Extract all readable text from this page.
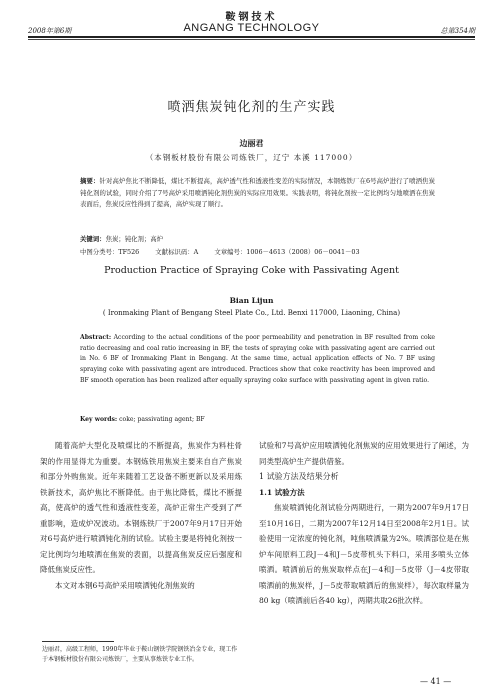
鞍钢技术
2008年第6期	ANGANG TECHNOLOGY	总第354期
喷洒焦炭钝化剂的生产实践
边丽君
（本钢板材股份有限公司炼铁厂，辽宁 本溪 117000）
摘要：针对高炉焦比不断降低，煤比不断提高，高炉透气性和透液性变差的实际情况，本钢炼铁厂在6号高炉进行了喷洒焦炭钝化剂的试验，同时介绍了7号高炉采用喷洒钝化剂焦炭的实际应用效果。实践表明，将钝化剂按一定比例均匀地喷洒在焦炭表面后，焦炭反应性得到了提高，高炉实现了顺行。
关键词：焦炭；钝化剂；高炉
中图分类号：TF526	文献标识码：A	文章编号：1006－4613（2008）06－0041－03
Production Practice of Spraying Coke with Passivating Agent
Bian Lijun
( Ironmaking Plant of Bengang Steel Plate Co., Ltd. Benxi 117000, Liaoning, China)
Abstract: According to the actual conditions of the poor permeability and penetration in BF resulted from coke ratio decreasing and coal ratio increasing in BF, the tests of spraying coke with passivating agent are carried out in No. 6 BF of Ironmaking Plant in Bengang. At the same time, actual application effects of No. 7 BF using spraying coke with passivating agent are introduced. Practices show that coke reactivity has been improved and BF smooth operation has been realized after equally spraying coke surface with passivating agent in given ratio.
Key words: coke; passivating agent; BF

随着高炉大型化及喷煤比的不断提高，焦炭作为料柱骨架的作用显得尤为重要。本钢炼铁用焦炭主要来自自产焦炭和部分外购焦炭。近年来随着工艺设备不断更新以及采用炼铁新技术，高炉焦比不断降低。由于焦比降低，煤比不断提高，使高炉的透气性和透液性变差，高炉正常生产受到了严重影响，造成炉况波动。本钢炼铁厂于2007年9月17日开始对6号高炉进行喷洒钝化剂的试验。试验主要是将钝化剂按一定比例均匀地喷洒在焦炭的表面，以提高焦炭反应后强度和降低焦炭反应性。

本文对本钢6号高炉采用喷洒钝化剂焦炭的

边丽君，高级工程师，1990年毕业于鞍山钢铁学院钢铁冶金专业，现工作于本钢板材股份有限公司炼铁厂，主要从事炼铁专业工作。

试验和7号高炉应用喷洒钝化剂焦炭的应用效果进行了阐述，为同类型高炉生产提供借鉴。

1 试验方法及结果分析

1.1 试验方法

焦炭喷洒钝化剂试验分两期进行，一期为2007年9月17日至10月16日，二期为2007年12月14日至2008年2月1日。试验使用一定浓度的钝化剂，吨焦喷洒量为2%。喷洒部位是在焦炉车间原料工段J－4和J－5皮带机头下料口，采用多喷头立体喷洒。喷洒前后的焦炭取样点在J－4和J－5皮带（J－4皮带取喷洒前的焦炭样，J－5皮带取喷洒后的焦炭样），每次取样量为80 kg（喷洒前后各40 kg），两期共取26批次样。

— 41 —
